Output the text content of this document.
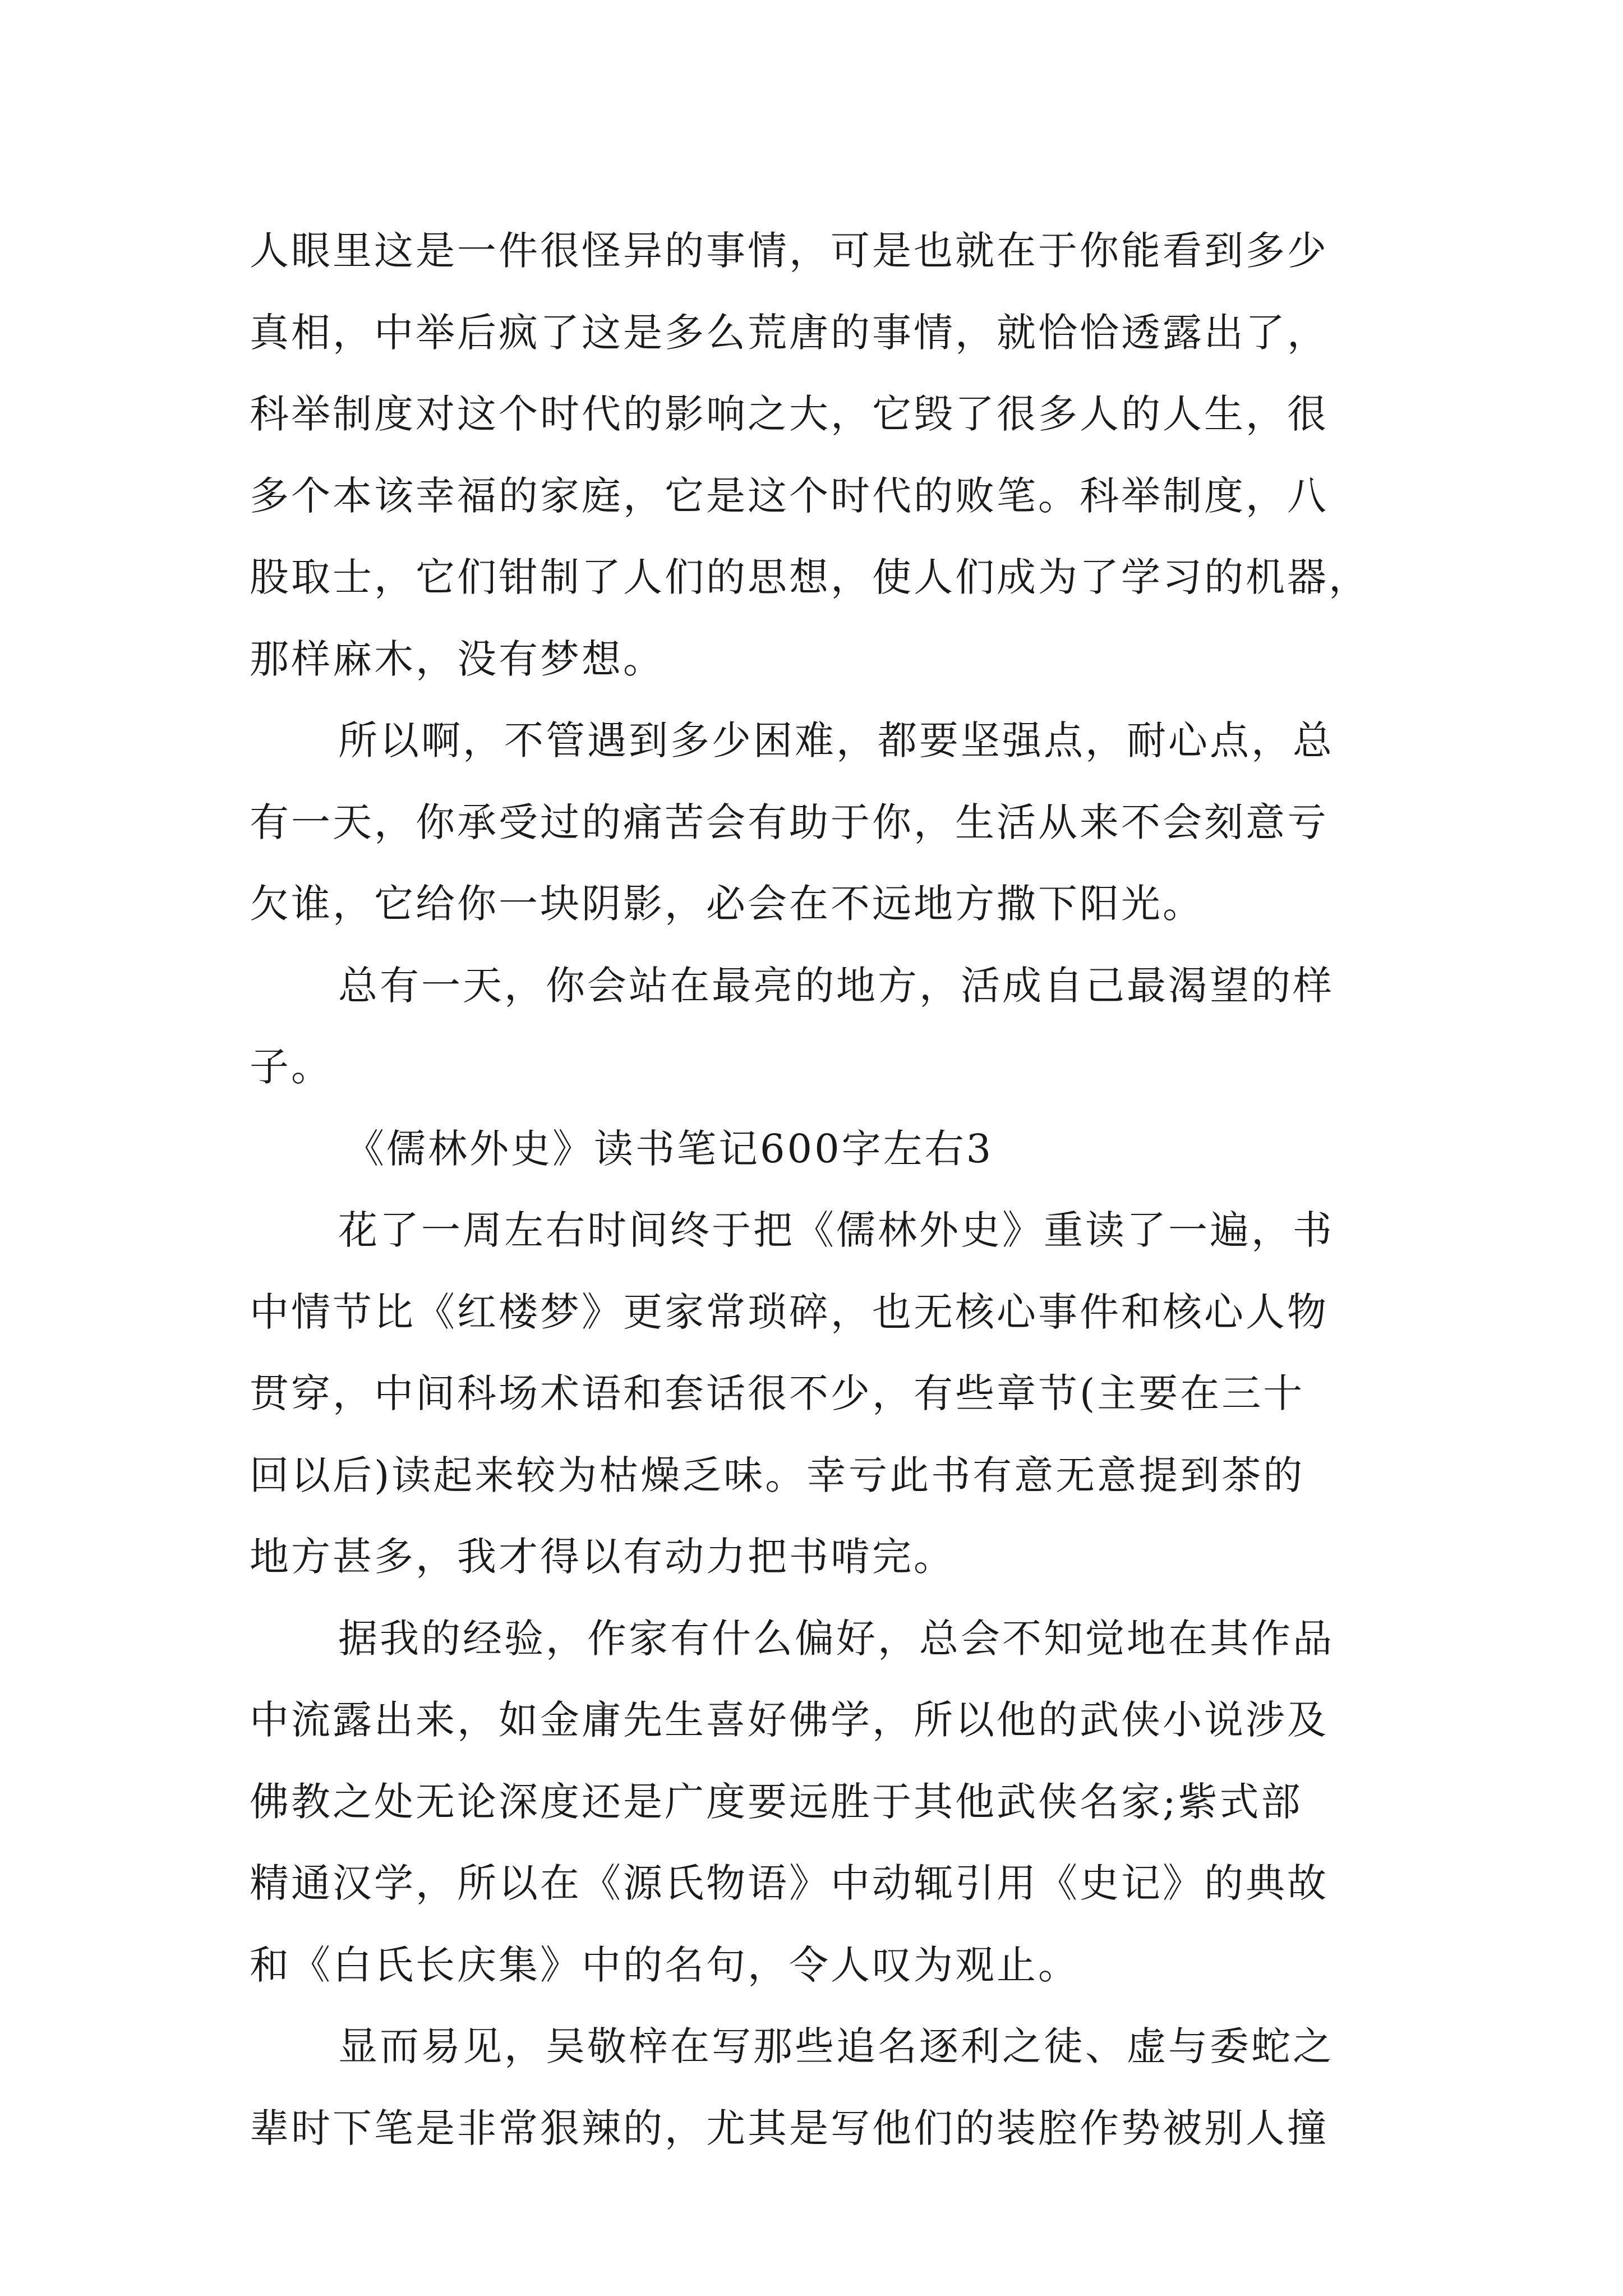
人眼里这是一件很怪异的事情，可是也就在于你能看到多少
真相，中举后疯了这是多么荒唐的事情，就恰恰透露出了，
科举制度对这个时代的影响之大，它毁了很多人的人生，很
多个本该幸福的家庭，它是这个时代的败笔。科举制度，八
股取士，它们钳制了人们的思想，使人们成为了学习的机器，
那样麻木，没有梦想。
所以啊，不管遇到多少困难，都要坚强点，耐心点，总
有一天，你承受过的痛苦会有助于你，生活从来不会刻意亏
欠谁，它给你一块阴影，必会在不远地方撒下阳光。
总有一天，你会站在最亮的地方，活成自己最渴望的样
子。
《儒林外史》读书笔记600字左右3
花了一周左右时间终于把《儒林外史》重读了一遍，书
中情节比《红楼梦》更家常琐碎，也无核心事件和核心人物
贯穿，中间科场术语和套话很不少，有些章节(主要在三十
回以后)读起来较为枯燥乏味。幸亏此书有意无意提到茶的
地方甚多，我才得以有动力把书啃完。
据我的经验，作家有什么偏好，总会不知觉地在其作品
中流露出来，如金庸先生喜好佛学，所以他的武侠小说涉及
佛教之处无论深度还是广度要远胜于其他武侠名家;紫式部
精通汉学，所以在《源氏物语》中动辄引用《史记》的典故
和《白氏长庆集》中的名句，令人叹为观止。
显而易见，吴敬梓在写那些追名逐利之徒、虚与委蛇之
辈时下笔是非常狠辣的，尤其是写他们的装腔作势被别人撞
